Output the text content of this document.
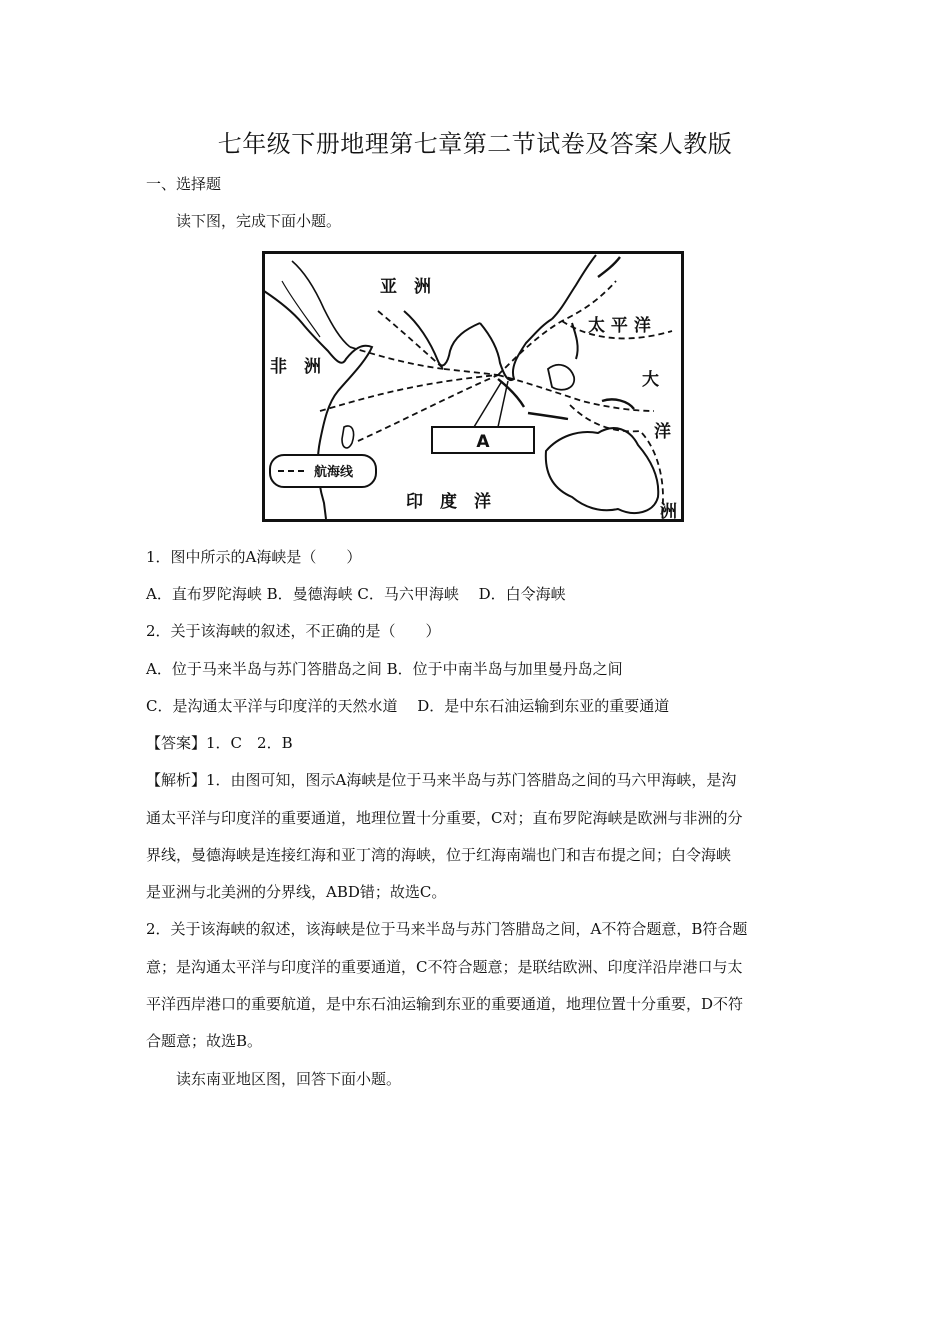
七年级下册地理第七章第二节试卷及答案人教版
一、选择题
读下图，完成下面小题。
A
亚　洲
非　洲
太 平 洋
大
洋
洲
印　度　洋
航海线
1．图中所示的A海峡是（　　）
A．直布罗陀海峡 B．曼德海峡 C．马六甲海峡　 D．白令海峡
2．关于该海峡的叙述，不正确的是（　　）
A．位于马来半岛与苏门答腊岛之间 B．位于中南半岛与加里曼丹岛之间
C．是沟通太平洋与印度洋的天然水道　 D．是中东石油运输到东亚的重要通道
【答案】1．C　2．B
【解析】1．由图可知，图示A海峡是位于马来半岛与苏门答腊岛之间的马六甲海峡，是沟
通太平洋与印度洋的重要通道，地理位置十分重要，C对；直布罗陀海峡是欧洲与非洲的分
界线，曼德海峡是连接红海和亚丁湾的海峡，位于红海南端也门和吉布提之间；白令海峡
是亚洲与北美洲的分界线，ABD错；故选C。
2．关于该海峡的叙述，该海峡是位于马来半岛与苏门答腊岛之间，A不符合题意，B符合题
意；是沟通太平洋与印度洋的重要通道，C不符合题意；是联结欧洲、印度洋沿岸港口与太
平洋西岸港口的重要航道，是中东石油运输到东亚的重要通道，地理位置十分重要，D不符
合题意；故选B。
读东南亚地区图，回答下面小题。
